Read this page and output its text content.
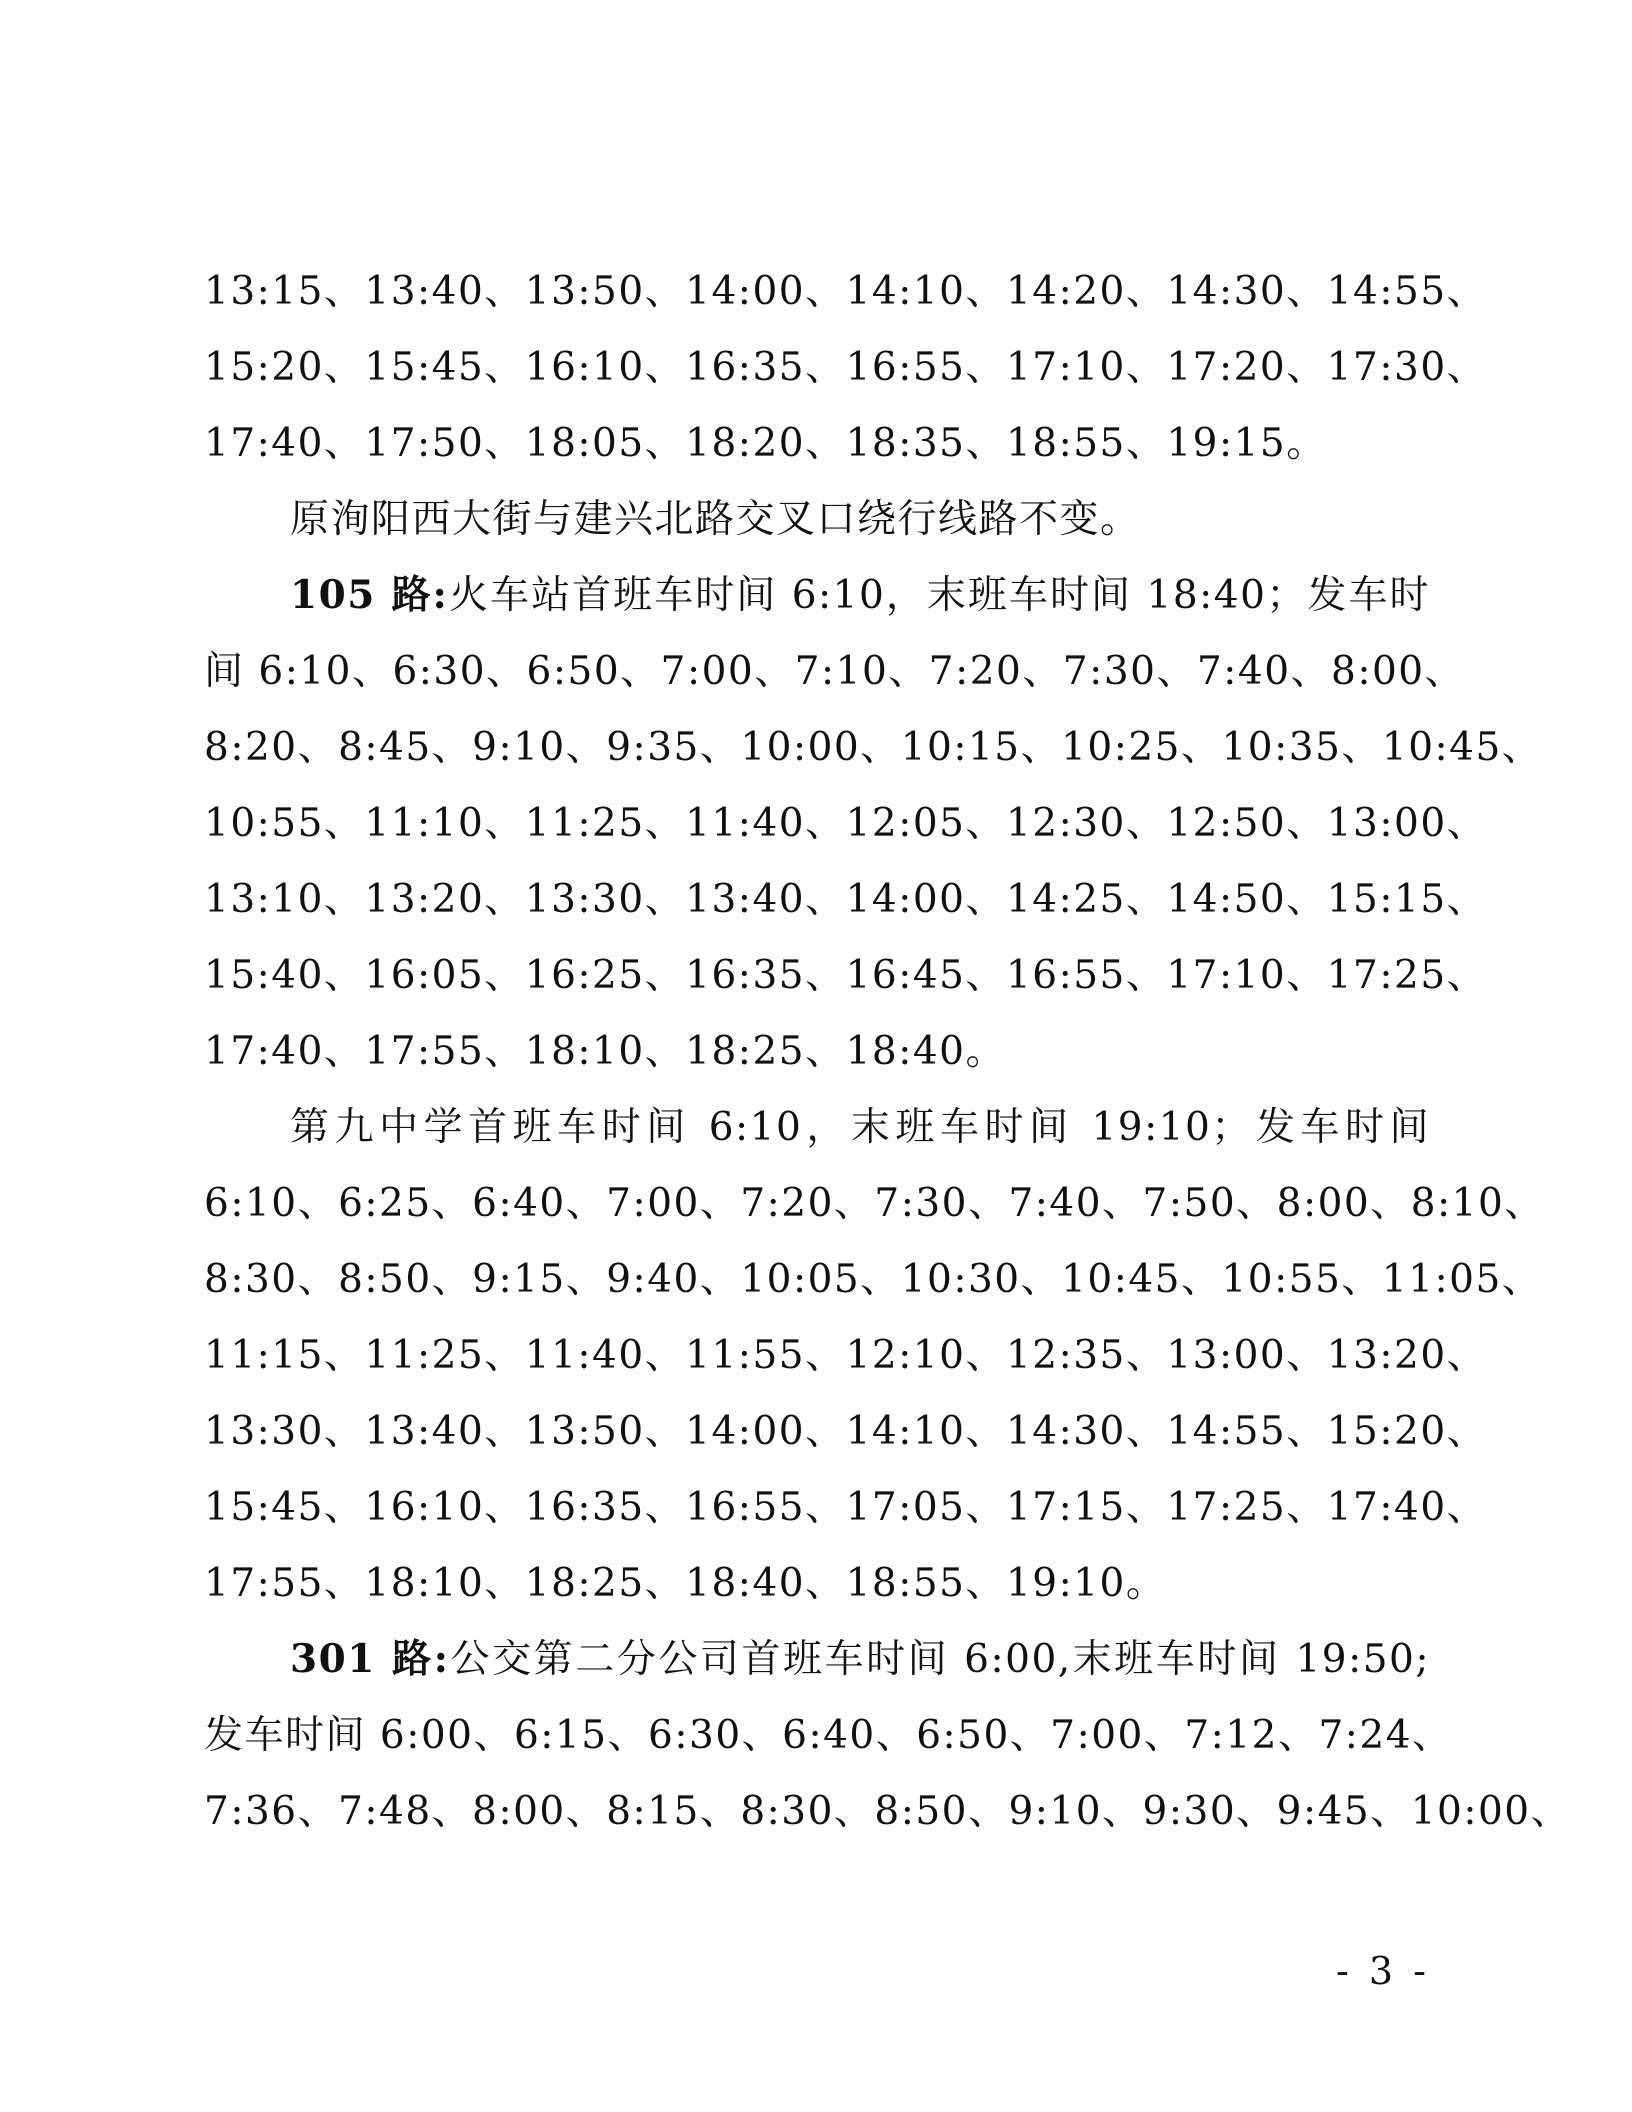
13:15、13:40、13:50、14:00、14:10、14:20、14:30、14:55、
15:20、15:45、16:10、16:35、16:55、17:10、17:20、17:30、
17:40、17:50、18:05、18:20、18:35、18:55、19:15。
原洵阳西大街与建兴北路交叉口绕行线路不变。
105 路:火车站首班车时间 6:10，末班车时间 18:40；发车时
间 6:10、6:30、6:50、7:00、7:10、7:20、7:30、7:40、8:00、
8:20、8:45、9:10、9:35、10:00、10:15、10:25、10:35、10:45、
10:55、11:10、11:25、11:40、12:05、12:30、12:50、13:00、
13:10、13:20、13:30、13:40、14:00、14:25、14:50、15:15、
15:40、16:05、16:25、16:35、16:45、16:55、17:10、17:25、
17:40、17:55、18:10、18:25、18:40。
第九中学首班车时间 6:10，末班车时间 19:10；发车时间
6:10、6:25、6:40、7:00、7:20、7:30、7:40、7:50、8:00、8:10、
8:30、8:50、9:15、9:40、10:05、10:30、10:45、10:55、11:05、
11:15、11:25、11:40、11:55、12:10、12:35、13:00、13:20、
13:30、13:40、13:50、14:00、14:10、14:30、14:55、15:20、
15:45、16:10、16:35、16:55、17:05、17:15、17:25、17:40、
17:55、18:10、18:25、18:40、18:55、19:10。
301 路:公交第二分公司首班车时间 6:00,末班车时间 19:50;
发车时间 6:00、6:15、6:30、6:40、6:50、7:00、7:12、7:24、
7:36、7:48、8:00、8:15、8:30、8:50、9:10、9:30、9:45、10:00、
- 3 -
